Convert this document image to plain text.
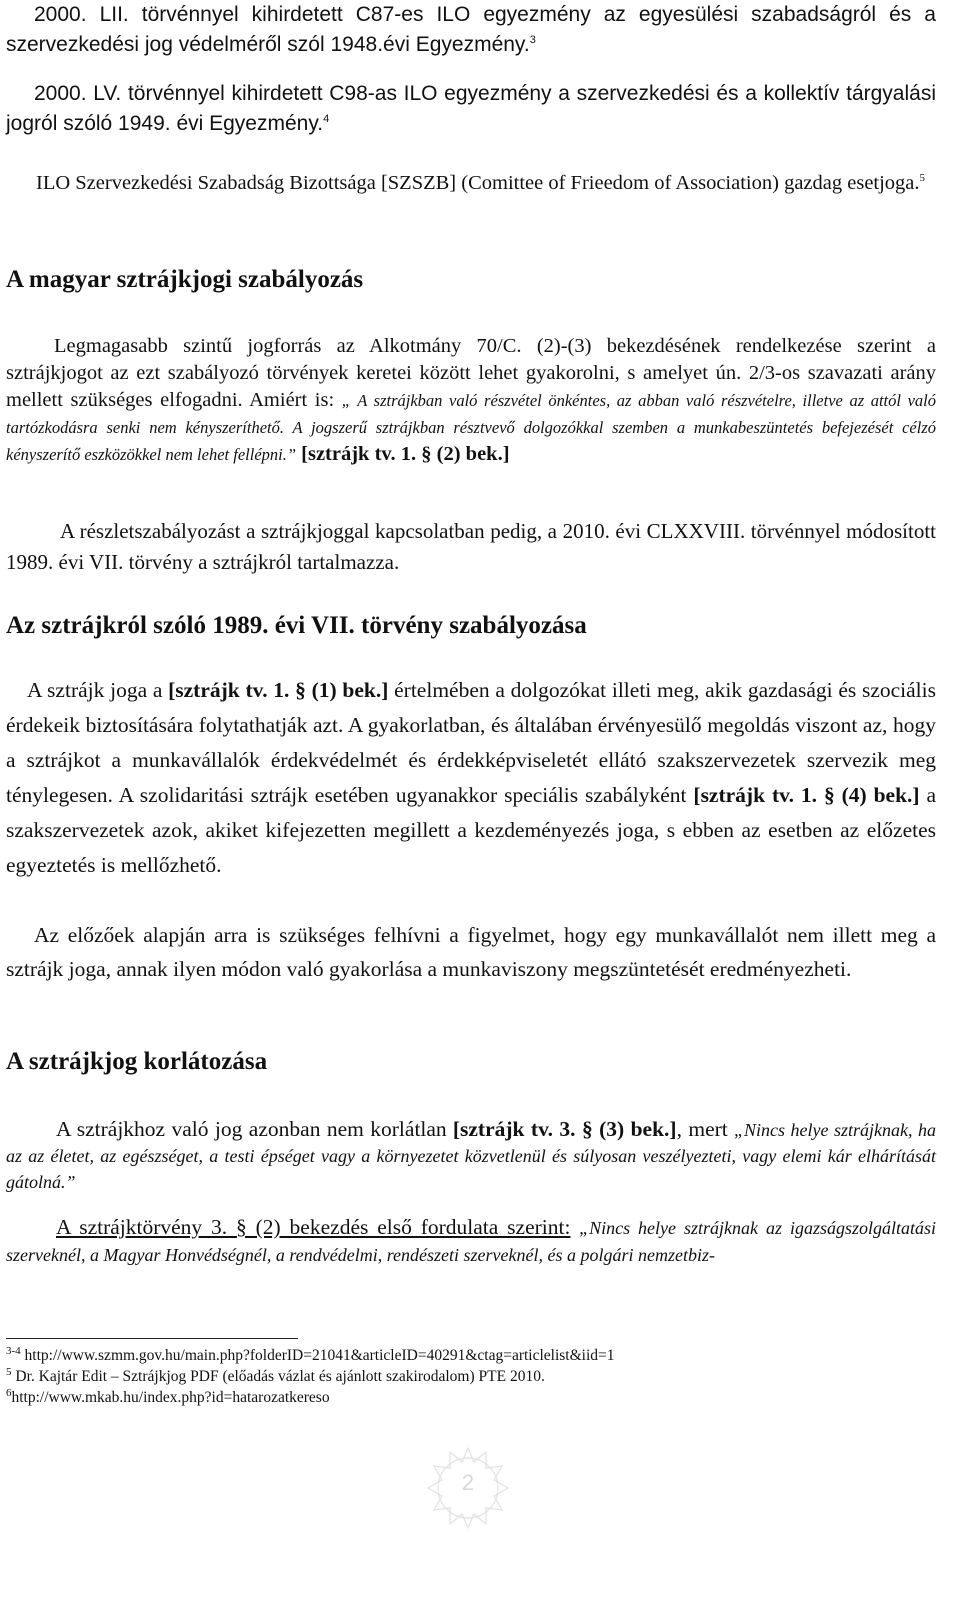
2000. LII. törvénnyel kihirdetett C87-es ILO egyezmény az egyesülési szabadságról és a szervezkedési jog védelméről szól 1948.évi Egyezmény.$^3$

2000. LV. törvénnyel kihirdetett C98-as ILO egyezmény a szervezkedési és a kollektív tárgyalási jogról szóló 1949. évi Egyezmény.$^4$

ILO Szervezkedési Szabadság Bizottsága [SZSZB] (Comittee of Frieedom of Association) gazdag esetjoga.$^5$

A magyar sztrájkjogi szabályozás

Legmagasabb szintű jogforrás az Alkotmány 70/C. (2)-(3) bekezdésének rendelkezése szerint a sztrájkjogot az ezt szabályozó törvények keretei között lehet gyakorolni, s amelyet ún. 2/3-os szavazati arány mellett szükséges elfogadni. Amiért is: „ A sztrájkban való részvétel önkéntes, az abban való részvételre, illetve az attól való tartózkodásra senki nem kényszeríthető. A jogszerű sztrájkban résztvevő dolgozókkal szemben a munkabeszüntetés befejezését célzó kényszerítő eszközökkel nem lehet fellépni.” [sztrájk tv. 1. § (2) bek.]

A részletszabályozást a sztrájkjoggal kapcsolatban pedig, a 2010. évi CLXXVIII. törvénnyel módosított 1989. évi VII. törvény a sztrájkról tartalmazza.

Az sztrájkról szóló 1989. évi VII. törvény szabályozása

A sztrájk joga a [sztrájk tv. 1. § (1) bek.] értelmében a dolgozókat illeti meg, akik gazdasági és szociális érdekeik biztosítására folytathatják azt. A gyakorlatban, és általában érvényesülő megoldás viszont az, hogy a sztrájkot a munkavállalók érdekvédelmét és érdekképviseletét ellátó szakszervezetek szervezik meg ténylegesen. A szolidaritási sztrájk esetében ugyanakkor speciális szabályként [sztrájk tv. 1. § (4) bek.] a szakszervezetek azok, akiket kifejezetten megillett a kezdeményezés joga, s ebben az esetben az előzetes egyeztetés is mellőzhető.

Az előzőek alapján arra is szükséges felhívni a figyelmet, hogy egy munkavállalót nem illett meg a sztrájk joga, annak ilyen módon való gyakorlása a munkaviszony megszüntetését eredményezheti.

A sztrájkjog korlátozása

A sztrájkhoz való jog azonban nem korlátlan [sztrájk tv. 3. § (3) bek.], mert „Nincs helye sztrájknak, ha az az életet, az egészséget, a testi épséget vagy a környezetet közvetlenül és súlyosan veszélyezteti, vagy elemi kár elhárítását gátolná.”

A sztrájktörvény 3. § (2) bekezdés első fordulata szerint: „Nincs helye sztrájknak az igazságszolgáltatási szerveknél, a Magyar Honvédségnél, a rendvédelmi, rendészeti szerveknél, és a polgári nemzetbiz-

$^{3-4}$ http://www.szmm.gov.hu/main.php?folderID=21041&articleID=40291&ctag=articlelist&iid=1

$^5$ Dr. Kajtár Edit – Sztrájkjog PDF (előadás vázlat és ajánlott szakirodalom) PTE 2010.

$^6$http://www.mkab.hu/index.php?id=hatarozatkereso

2
